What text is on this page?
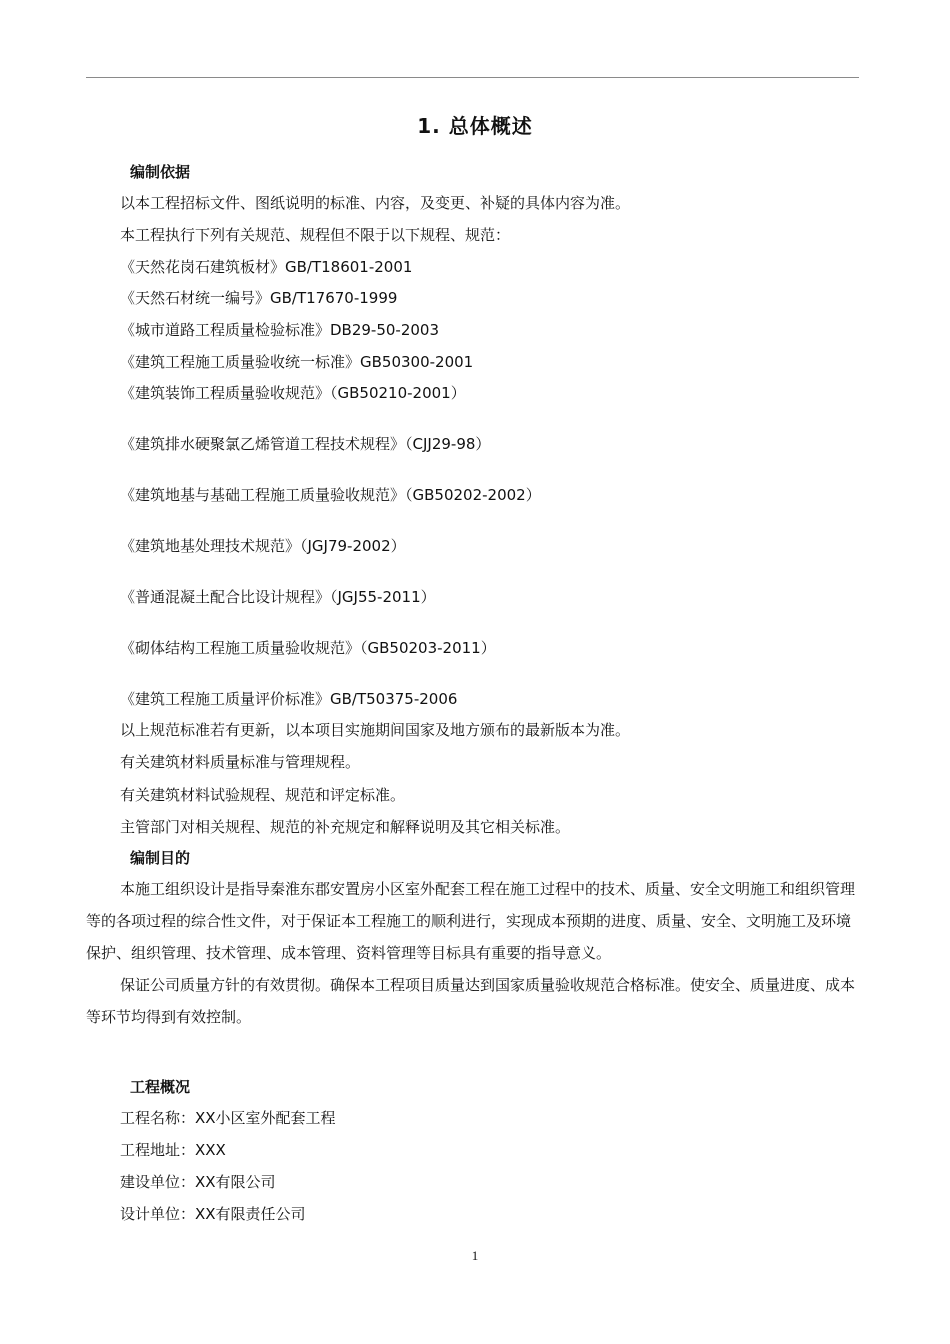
1. 总体概述
编制依据
以本工程招标文件、图纸说明的标准、内容，及变更、补疑的具体内容为准。
本工程执行下列有关规范、规程但不限于以下规程、规范：
《天然花岗石建筑板材》GB/T18601-2001
《天然石材统一编号》GB/T17670-1999
《城市道路工程质量检验标准》DB29-50-2003
《建筑工程施工质量验收统一标准》GB50300-2001
《建筑装饰工程质量验收规范》（GB50210-2001）
《建筑排水硬聚氯乙烯管道工程技术规程》（CJJ29-98）
《建筑地基与基础工程施工质量验收规范》（GB50202-2002）
《建筑地基处理技术规范》（JGJ79-2002）
《普通混凝土配合比设计规程》（JGJ55-2011）
《砌体结构工程施工质量验收规范》（GB50203-2011）
《建筑工程施工质量评价标准》GB/T50375-2006
以上规范标准若有更新，以本项目实施期间国家及地方颁布的最新版本为准。
有关建筑材料质量标准与管理规程。
有关建筑材料试验规程、规范和评定标准。
主管部门对相关规程、规范的补充规定和解释说明及其它相关标准。
编制目的
本施工组织设计是指导秦淮东郡安置房小区室外配套工程在施工过程中的技术、质量、安全文明施工和组织管理等的各项过程的综合性文件，对于保证本工程施工的顺利进行，实现成本预期的进度、质量、安全、文明施工及环境保护、组织管理、技术管理、成本管理、资料管理等目标具有重要的指导意义。
保证公司质量方针的有效贯彻。确保本工程项目质量达到国家质量验收规范合格标准。使安全、质量进度、成本等环节均得到有效控制。
工程概况
工程名称：XX小区室外配套工程
工程地址：XXX
建设单位：XX有限公司
设计单位：XX有限责任公司
1
